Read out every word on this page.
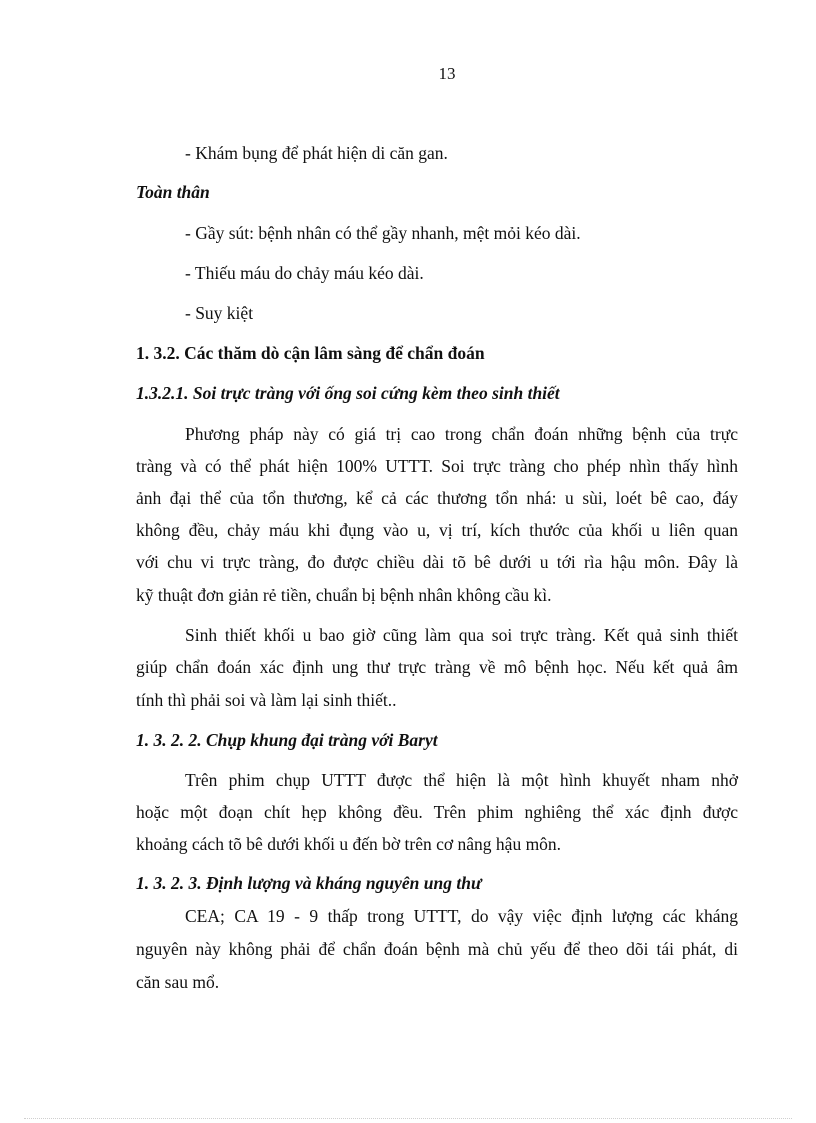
13
- Khám bụng để phát hiện di căn gan.
Toàn thân
- Gầy sút: bệnh nhân có thể gầy nhanh, mệt mỏi kéo dài.
- Thiếu máu do chảy máu kéo dài.
- Suy kiệt
1. 3.2. Các thăm dò cận lâm sàng để chẩn đoán
1.3.2.1. Soi trực tràng với ống soi cứng kèm theo sinh thiết
Phương pháp này có giá trị cao trong chẩn đoán những bệnh của trực
tràng và có thể phát hiện 100% UTTT. Soi trực tràng cho phép nhìn thấy hình
ảnh đại thể của tổn thương, kể cả các thương tổn nhá: u sùi, loét bê cao, đáy
không đều, chảy máu khi đụng vào u, vị trí, kích thước của khối u liên quan
với chu vi trực tràng, đo được chiều dài tõ bê dưới u tới rìa hậu môn. Đây là
kỹ thuật đơn giản rẻ tiền, chuẩn bị bệnh nhân không cầu kì.
Sinh thiết khối u bao giờ cũng làm qua soi trực tràng. Kết quả sinh thiết
giúp chẩn đoán xác định ung thư trực tràng về mô bệnh học. Nếu kết quả âm
tính thì phải soi và làm lại sinh thiết..
1. 3. 2. 2. Chụp khung đại tràng với Baryt
Trên phim chụp UTTT được thể hiện là một hình khuyết nham nhở
hoặc một đoạn chít hẹp không đều. Trên phim nghiêng thể xác định được
khoảng cách tõ bê dưới khối u đến bờ trên cơ nâng hậu môn.
1. 3. 2. 3. Định lượng và kháng nguyên ung thư
CEA; CA 19 - 9 thấp trong UTTT, do vậy việc định lượng các kháng
nguyên này không phải để chẩn đoán bệnh mà chủ yếu để theo dõi tái phát, di
căn sau mổ.
